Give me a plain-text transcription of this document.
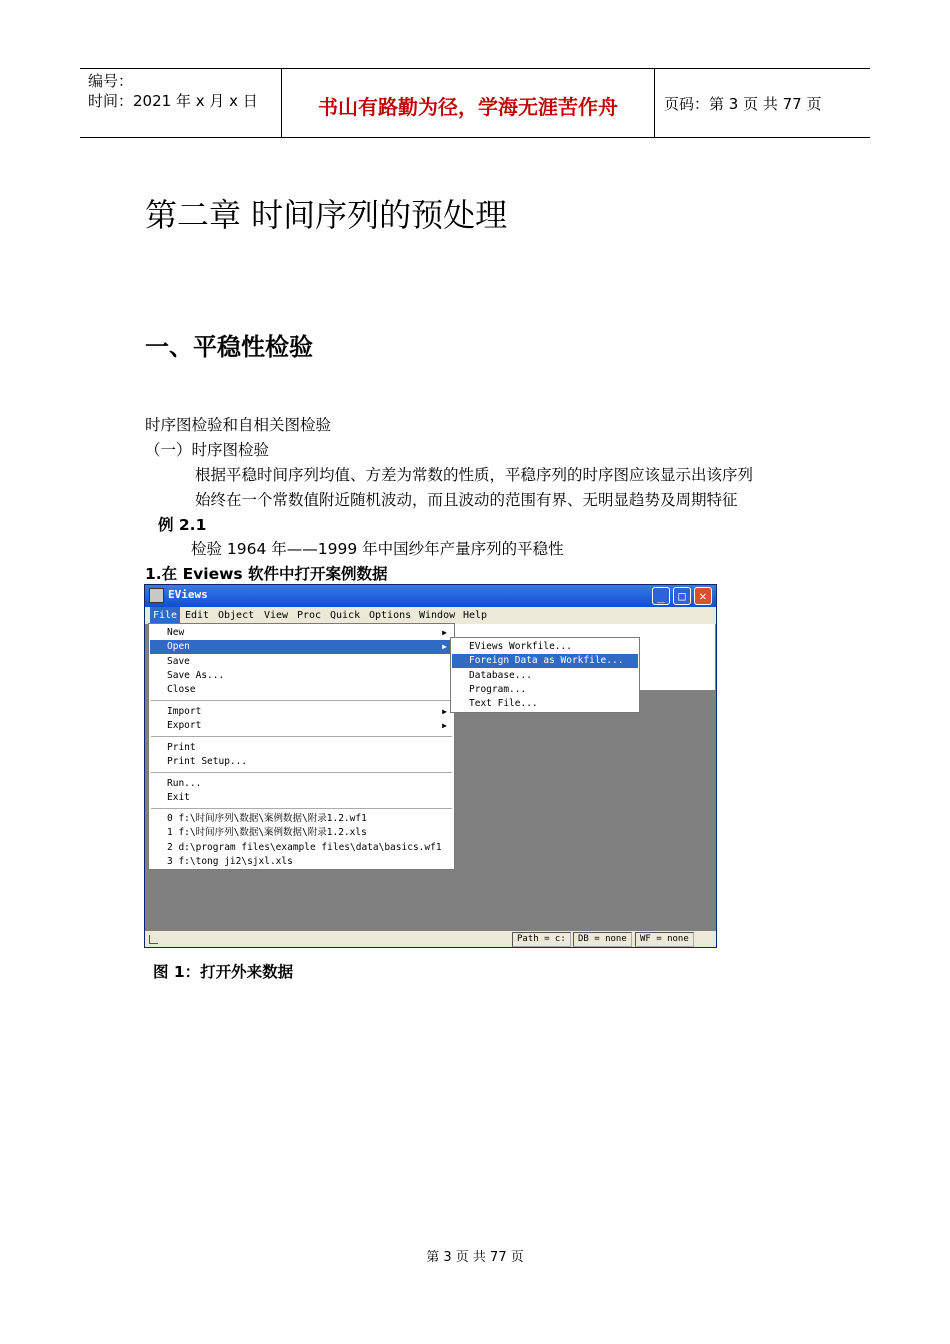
编号：
时间：2021 年 x 月 x 日	书山有路勤为径，学海无涯苦作舟	页码：第 3 页 共 77 页
第二章 时间序列的预处理
一、平稳性检验
时序图检验和自相关图检验
（一）时序图检验
根据平稳时间序列均值、方差为常数的性质，平稳序列的时序图应该显示出该序列
始终在一个常数值附近随机波动，而且波动的范围有界、无明显趋势及周期特征
例 2.1
检验 1964 年——1999 年中国纱年产量序列的平稳性
1.在 Eviews 软件中打开案例数据
EViews	_	□	✕
File Edit Object View Proc Quick Options Window Help
New	▶
Open	▶
Save
Save As...
Close
Import	▶
Export	▶
Print
Print Setup...
Run...
Exit
0 f:\时间序列\数据\案例数据\附录1.2.wf1
1 f:\时间序列\数据\案例数据\附录1.2.xls
2 d:\program files\example files\data\basics.wf1
3 f:\tong ji2\sjxl.xls
EViews Workfile...
Foreign Data as Workfile...
Database...
Program...
Text File...
Path = c:	DB = none	WF = none
图 1：打开外来数据
第 3 页 共 77 页
